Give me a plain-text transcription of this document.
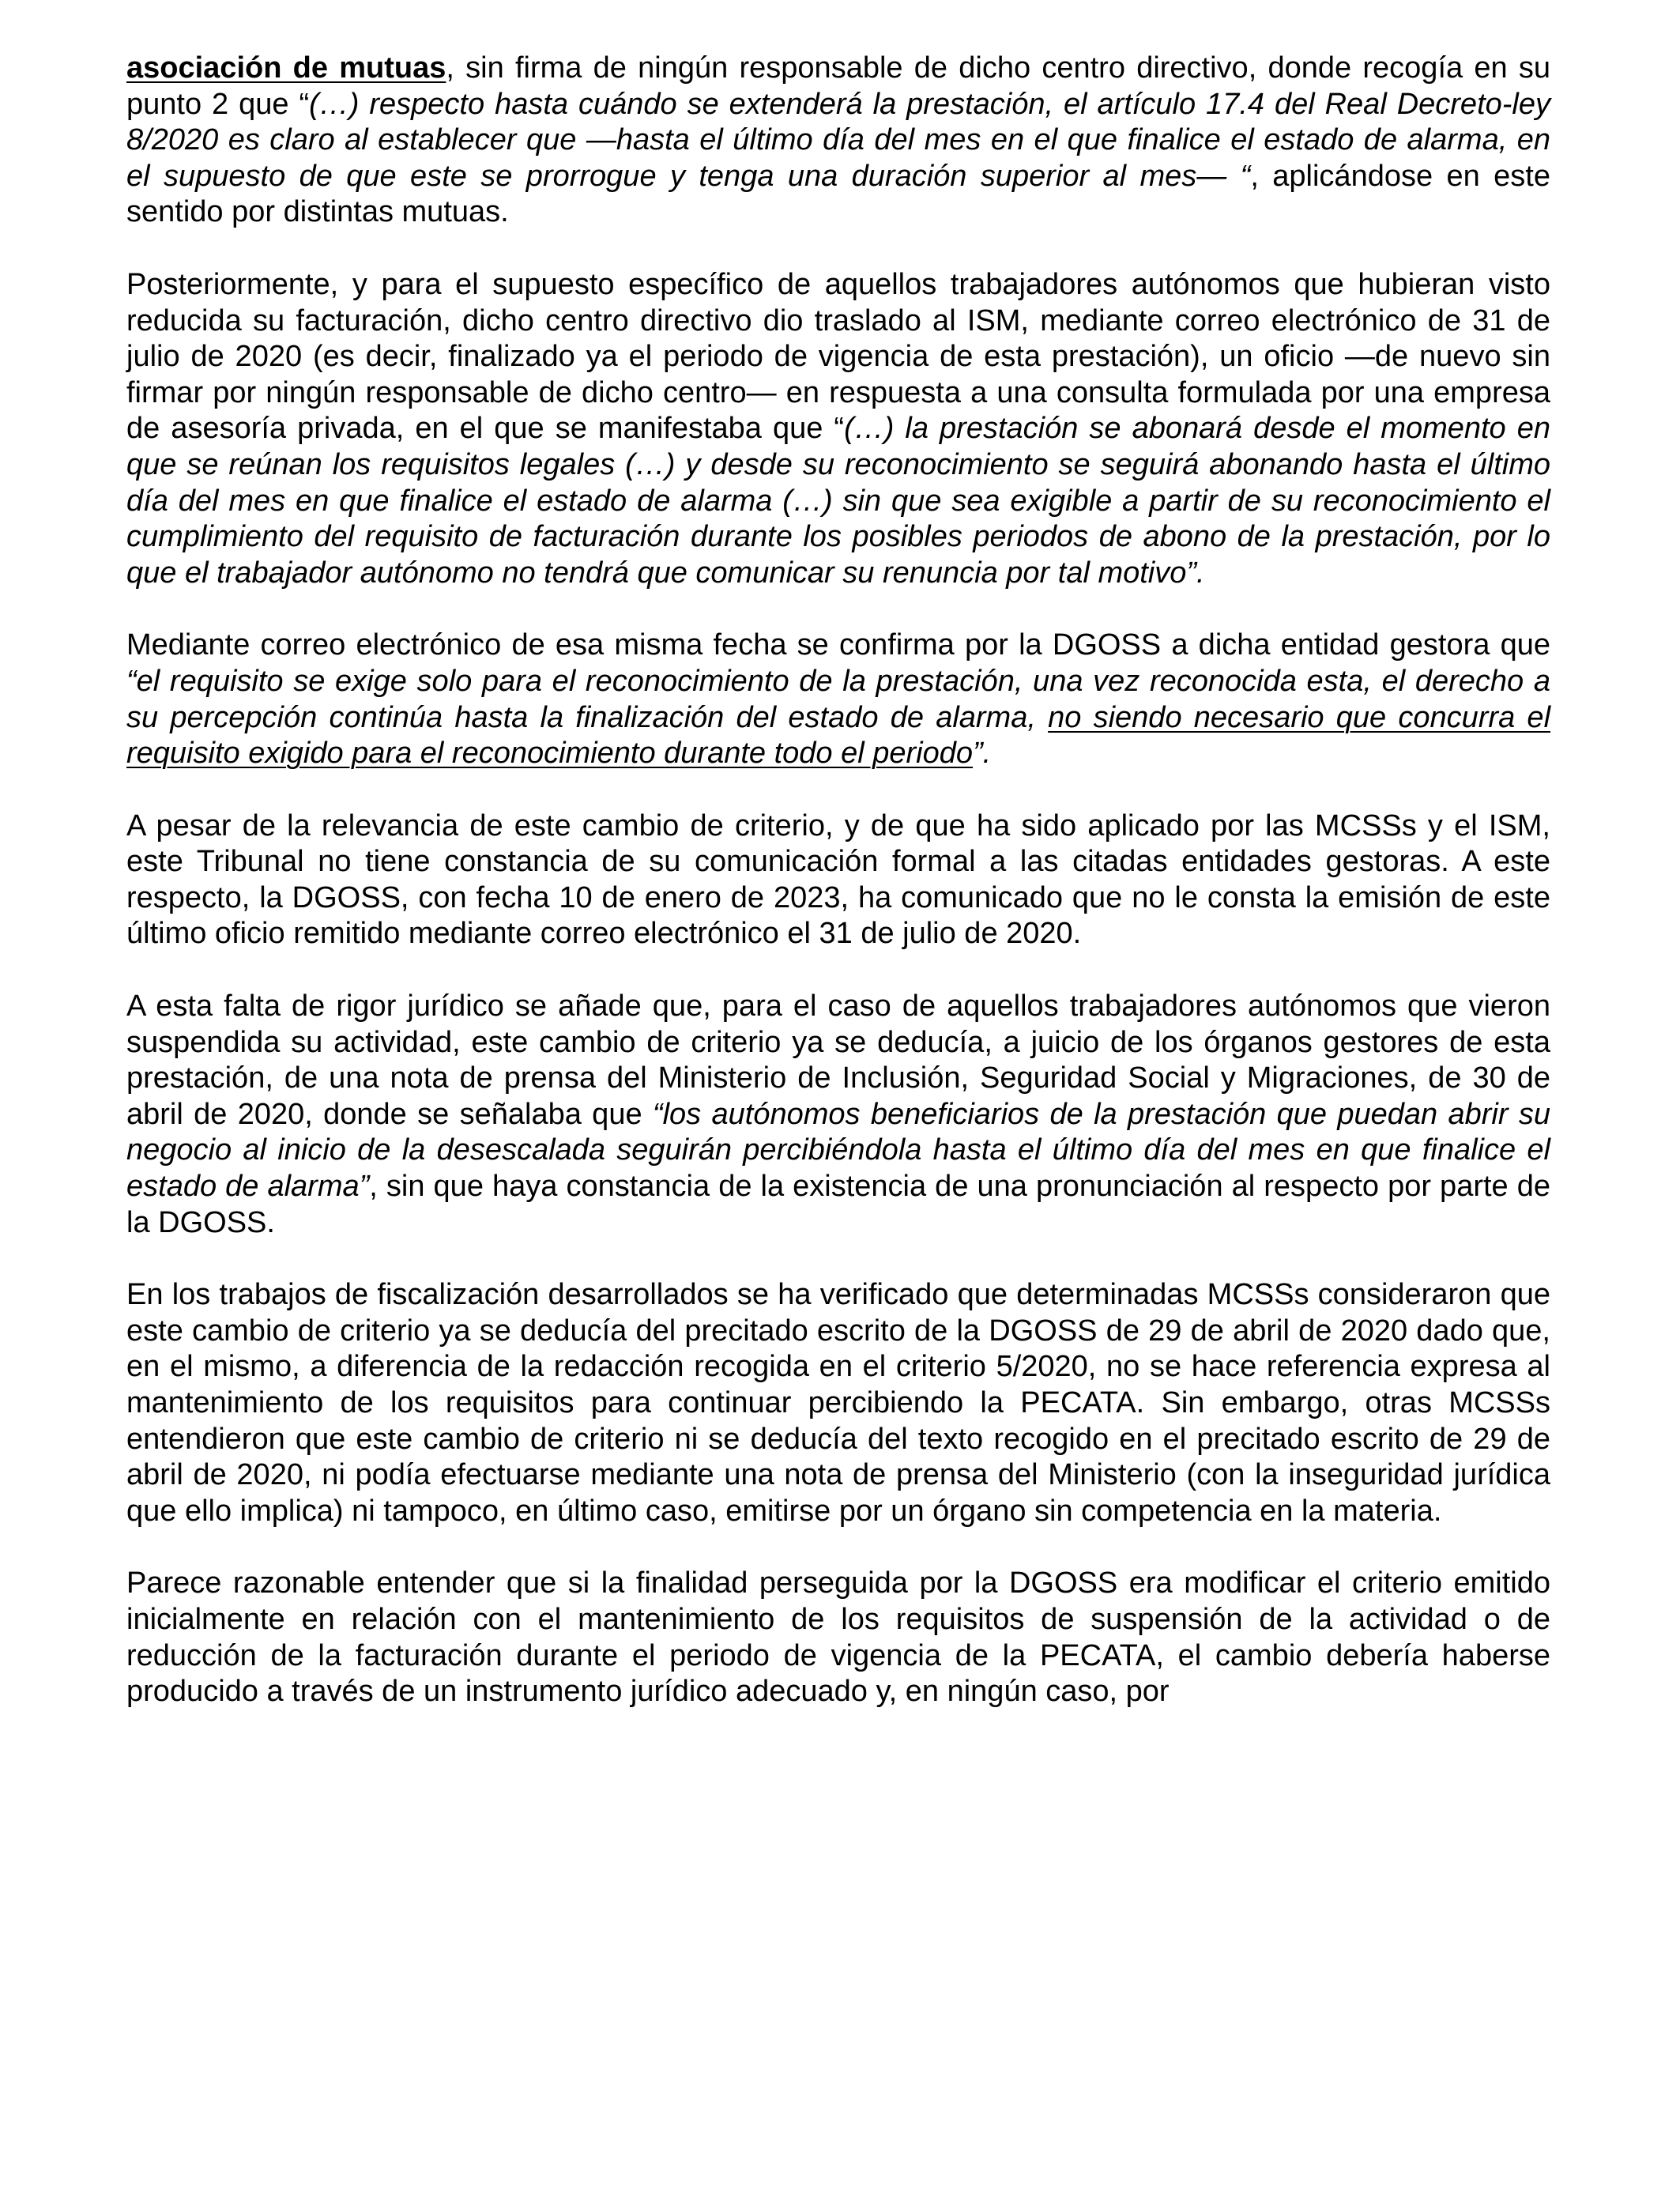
asociación de mutuas, sin firma de ningún responsable de dicho centro directivo, donde recogía en su punto 2 que “(…) respecto hasta cuándo se extenderá la prestación, el artículo 17.4 del Real Decreto-ley 8/2020 es claro al establecer que —hasta el último día del mes en el que finalice el estado de alarma, en el supuesto de que este se prorrogue y tenga una duración superior al mes— “, aplicándose en este sentido por distintas mutuas.

Posteriormente, y para el supuesto específico de aquellos trabajadores autónomos que hubieran visto reducida su facturación, dicho centro directivo dio traslado al ISM, mediante correo electrónico de 31 de julio de 2020 (es decir, finalizado ya el periodo de vigencia de esta prestación), un oficio —de nuevo sin firmar por ningún responsable de dicho centro— en respuesta a una consulta formulada por una empresa de asesoría privada, en el que se manifestaba que “(…) la prestación se abonará desde el momento en que se reúnan los requisitos legales (…) y desde su reconocimiento se seguirá abonando hasta el último día del mes en que finalice el estado de alarma (…) sin que sea exigible a partir de su reconocimiento el cumplimiento del requisito de facturación durante los posibles periodos de abono de la prestación, por lo que el trabajador autónomo no tendrá que comunicar su renuncia por tal motivo”.

Mediante correo electrónico de esa misma fecha se confirma por la DGOSS a dicha entidad gestora que “el requisito se exige solo para el reconocimiento de la prestación, una vez reconocida esta, el derecho a su percepción continúa hasta la finalización del estado de alarma, no siendo necesario que concurra el requisito exigido para el reconocimiento durante todo el periodo”.

A pesar de la relevancia de este cambio de criterio, y de que ha sido aplicado por las MCSSs y el ISM, este Tribunal no tiene constancia de su comunicación formal a las citadas entidades gestoras. A este respecto, la DGOSS, con fecha 10 de enero de 2023, ha comunicado que no le consta la emisión de este último oficio remitido mediante correo electrónico el 31 de julio de 2020.

A esta falta de rigor jurídico se añade que, para el caso de aquellos trabajadores autónomos que vieron suspendida su actividad, este cambio de criterio ya se deducía, a juicio de los órganos gestores de esta prestación, de una nota de prensa del Ministerio de Inclusión, Seguridad Social y Migraciones, de 30 de abril de 2020, donde se señalaba que “los autónomos beneficiarios de la prestación que puedan abrir su negocio al inicio de la desescalada seguirán percibiéndola hasta el último día del mes en que finalice el estado de alarma”, sin que haya constancia de la existencia de una pronunciación al respecto por parte de la DGOSS.

En los trabajos de fiscalización desarrollados se ha verificado que determinadas MCSSs consideraron que este cambio de criterio ya se deducía del precitado escrito de la DGOSS de 29 de abril de 2020 dado que, en el mismo, a diferencia de la redacción recogida en el criterio 5/2020, no se hace referencia expresa al mantenimiento de los requisitos para continuar percibiendo la PECATA. Sin embargo, otras MCSSs entendieron que este cambio de criterio ni se deducía del texto recogido en el precitado escrito de 29 de abril de 2020, ni podía efectuarse mediante una nota de prensa del Ministerio (con la inseguridad jurídica que ello implica) ni tampoco, en último caso, emitirse por un órgano sin competencia en la materia.

Parece razonable entender que si la finalidad perseguida por la DGOSS era modificar el criterio emitido inicialmente en relación con el mantenimiento de los requisitos de suspensión de la actividad o de reducción de la facturación durante el periodo de vigencia de la PECATA, el cambio debería haberse producido a través de un instrumento jurídico adecuado y, en ningún caso, por
